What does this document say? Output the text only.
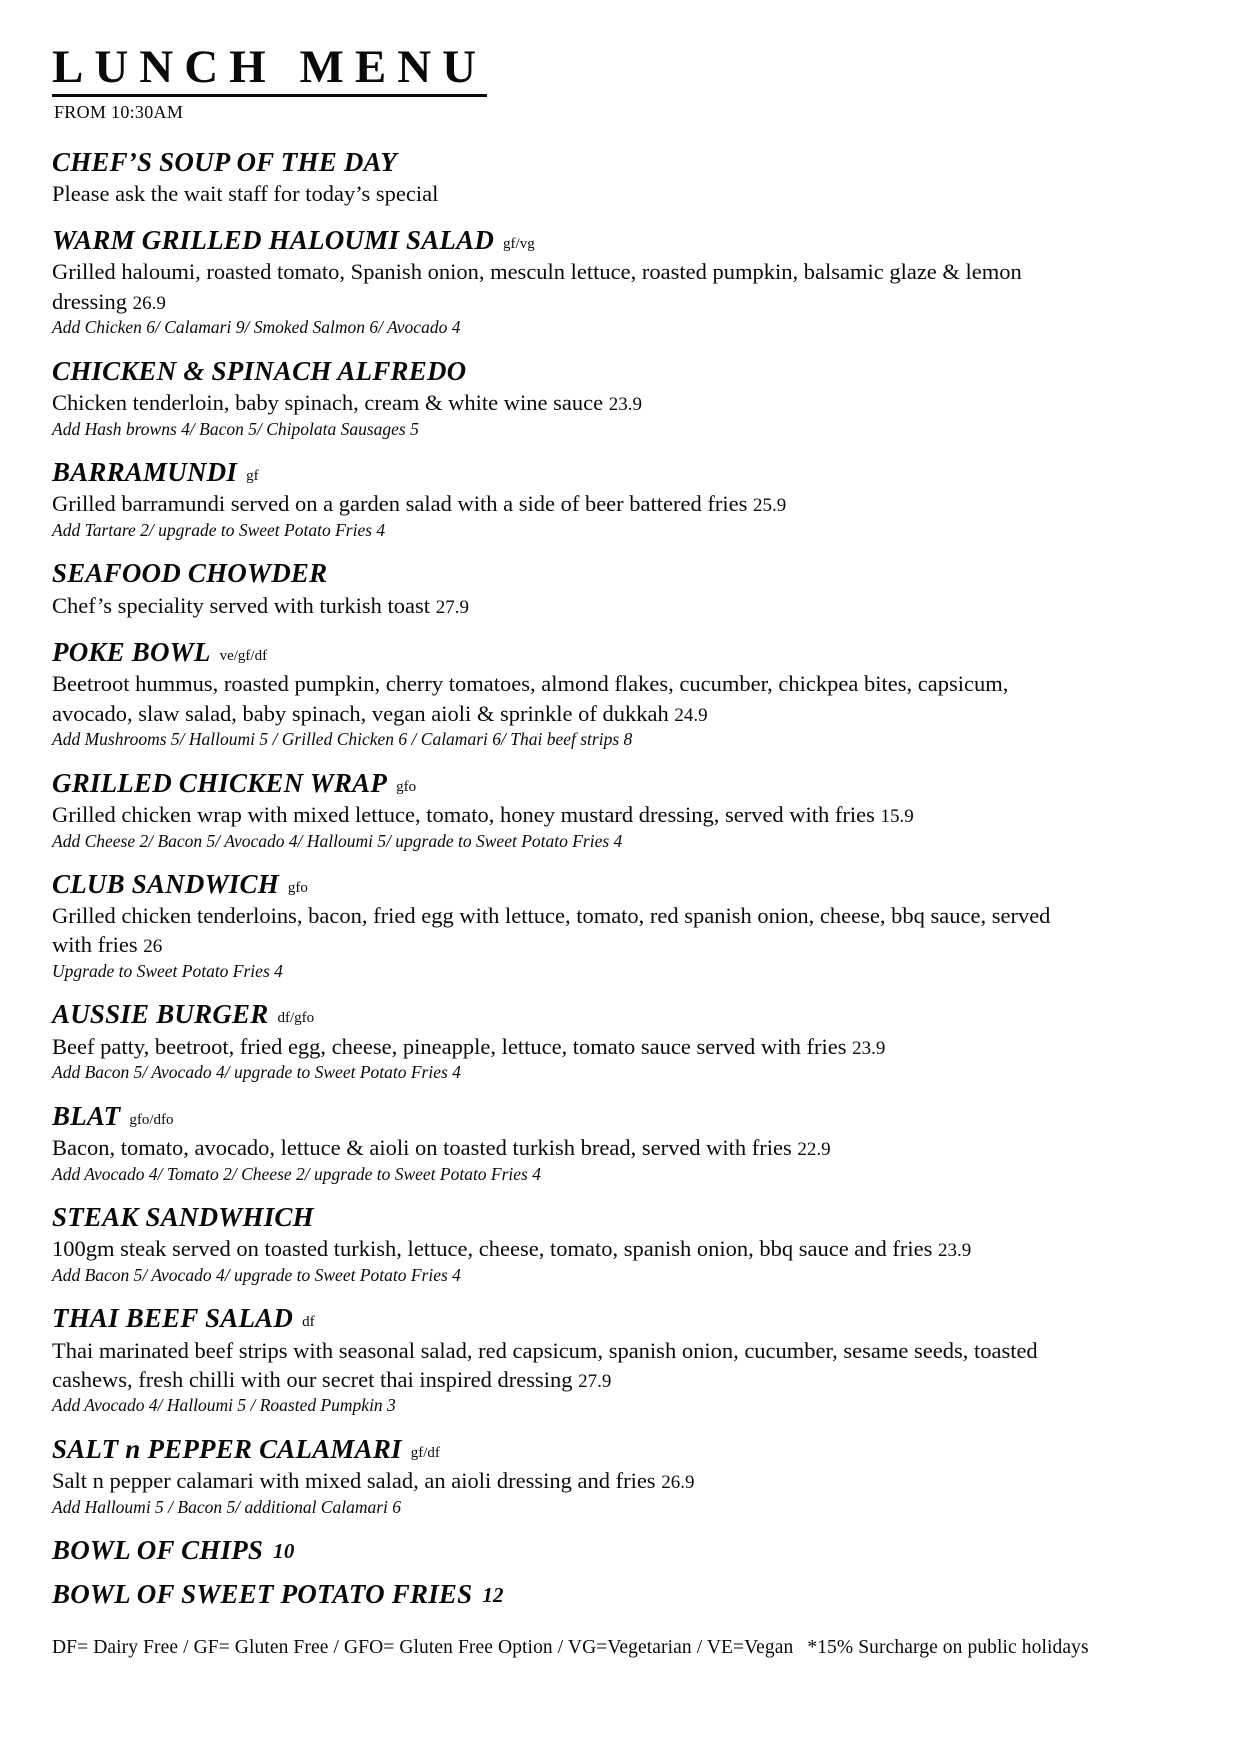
LUNCH MENU
FROM 10:30AM
CHEF’S SOUP OF THE DAY
Please ask the wait staff for today’s special
WARM GRILLED HALOUMI SALAD gf/vg
Grilled haloumi, roasted tomato, Spanish onion, mesculn lettuce, roasted pumpkin, balsamic glaze & lemon dressing 26.9
Add Chicken 6/ Calamari 9/ Smoked Salmon 6/ Avocado 4
CHICKEN & SPINACH ALFREDO
Chicken tenderloin, baby spinach, cream & white wine sauce 23.9
Add Hash browns 4/ Bacon 5/ Chipolata Sausages 5
BARRAMUNDI gf
Grilled barramundi served on a garden salad with a side of beer battered fries 25.9
Add Tartare 2/ upgrade to Sweet Potato Fries 4
SEAFOOD CHOWDER
Chef’s speciality served with turkish toast 27.9
POKE BOWL ve/gf/df
Beetroot hummus, roasted pumpkin, cherry tomatoes, almond flakes, cucumber, chickpea bites, capsicum, avocado, slaw salad, baby spinach, vegan aioli & sprinkle of dukkah 24.9
Add Mushrooms 5/ Halloumi 5 / Grilled Chicken 6 / Calamari 6/ Thai beef strips 8
GRILLED CHICKEN WRAP gfo
Grilled chicken wrap with mixed lettuce, tomato, honey mustard dressing, served with fries 15.9
Add Cheese 2/ Bacon 5/ Avocado 4/ Halloumi 5/ upgrade to Sweet Potato Fries 4
CLUB SANDWICH gfo
Grilled chicken tenderloins, bacon, fried egg with lettuce, tomato, red spanish onion, cheese, bbq sauce, served with fries 26
Upgrade to Sweet Potato Fries 4
AUSSIE BURGER df/gfo
Beef patty, beetroot, fried egg, cheese, pineapple, lettuce, tomato sauce served with fries 23.9
Add Bacon 5/ Avocado 4/ upgrade to Sweet Potato Fries 4
BLAT gfo/dfo
Bacon, tomato, avocado, lettuce & aioli on toasted turkish bread, served with fries 22.9
Add Avocado 4/ Tomato 2/ Cheese 2/ upgrade to Sweet Potato Fries 4
STEAK SANDWHICH
100gm steak served on toasted turkish, lettuce, cheese, tomato, spanish onion, bbq sauce and fries 23.9
Add Bacon 5/ Avocado 4/ upgrade to Sweet Potato Fries 4
THAI BEEF SALAD df
Thai marinated beef strips with seasonal salad, red capsicum, spanish onion, cucumber, sesame seeds, toasted cashews, fresh chilli with our secret thai inspired dressing 27.9
Add Avocado 4/ Halloumi 5 / Roasted Pumpkin 3
SALT n PEPPER CALAMARI gf/df
Salt n pepper calamari with mixed salad, an aioli dressing and fries 26.9
Add Halloumi 5 / Bacon 5/ additional Calamari 6
BOWL OF CHIPS 10
BOWL OF SWEET POTATO FRIES 12
DF= Dairy Free / GF= Gluten Free / GFO= Gluten Free Option / VG=Vegetarian / VE=Vegan *15% Surcharge on public holidays
